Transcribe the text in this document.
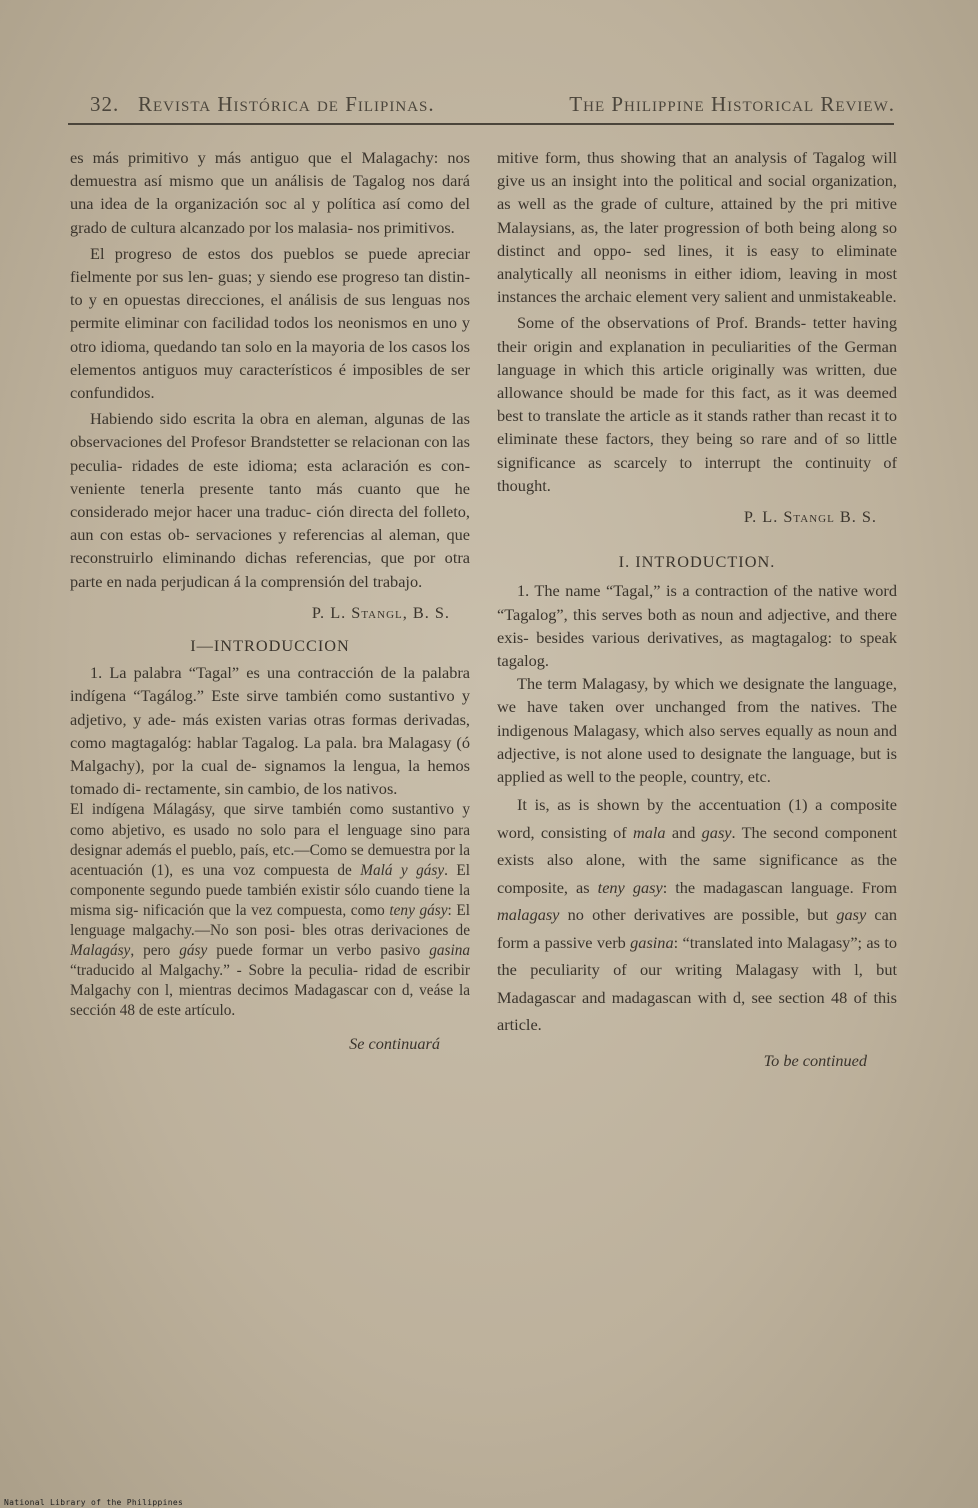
32. Revista Histórica de Filipinas.	The Philippine Historical Review.

es más primitivo y más antiguo que el Malagachy: nos demuestra así mismo que un análisis de Tagalog nos dará una idea de la organización soc al y política así como del grado de cultura alcanzado por los malasia- nos primitivos.

El progreso de estos dos pueblos se puede apreciar fielmente por sus len- guas; y siendo ese progreso tan distin- to y en opuestas direcciones, el análisis de sus lenguas nos permite eliminar con facilidad todos los neonismos en uno y otro idioma, quedando tan solo en la mayoria de los casos los elementos antiguos muy característicos é imposibles de ser confundidos.

Habiendo sido escrita la obra en aleman, algunas de las observaciones del Profesor Brandstetter se relacionan con las peculia- ridades de este idioma; esta aclaración es con- veniente tenerla presente tanto más cuanto que he considerado mejor hacer una traduc- ción directa del folleto, aun con estas ob- servaciones y referencias al aleman, que reconstruirlo eliminando dichas referencias, que por otra parte en nada perjudican á la comprensión del trabajo.

P. L. Stangl, B. S.
I—INTRODUCCION

1. La palabra “Tagal” es una contracción de la palabra indígena “Tagálog.” Este sirve también como sustantivo y adjetivo, y ade- más existen varias otras formas derivadas, como magtagalóg: hablar Tagalog. La pala. bra Malagasy (ó Malgachy), por la cual de- signamos la lengua, la hemos tomado di- rectamente, sin cambio, de los nativos.

El indígena Málagásy, que sirve también como sustantivo y como abjetivo, es usado no solo para el lenguage sino para designar además el pueblo, país, etc.—Como se demuestra por la acentuación (1), es una voz compuesta de Malá y gásy. El componente segundo puede también existir sólo cuando tiene la misma sig- nificación que la vez compuesta, como teny gásy: El lenguage malgachy.—No son posi- bles otras derivaciones de Malagásy, pero gásy puede formar un verbo pasivo gasina “traducido al Malgachy.” - Sobre la peculia- ridad de escribir Malgachy con l, mientras decimos Madagascar con d, veáse la sección 48 de este artículo.

Se continuará

mitive form, thus showing that an analysis of Tagalog will give us an insight into the political and social organization, as well as the grade of culture, attained by the pri mitive Malaysians, as, the later progression of both being along so distinct and oppo- sed lines, it is easy to eliminate analytically all neonisms in either idiom, leaving in most instances the archaic element very salient and unmistakeable.

Some of the observations of Prof. Brands- tetter having their origin and explanation in peculiarities of the German language in which this article originally was written, due allowance should be made for this fact, as it was deemed best to translate the article as it stands rather than recast it to eliminate these factors, they being so rare and of so little significance as scarcely to interrupt the continuity of thought.

P. L. Stangl B. S.
I. INTRODUCTION.

1. The name “Tagal,” is a contraction of the native word “Tagalog”, this serves both as noun and adjective, and there exis- besides various derivatives, as magtagalog: to speak tagalog.

The term Malagasy, by which we designate the language, we have taken over unchanged from the natives. The indigenous Malagasy, which also serves equally as noun and adjective, is not alone used to designate the language, but is applied as well to the people, country, etc.

It is, as is shown by the accentuation (1) a composite word, consisting of mala and gasy. The second component exists also alone, with the same significance as the composite, as teny gasy: the madagascan language. From malagasy no other derivatives are possible, but gasy can form a passive verb gasina: “translated into Malagasy”; as to the peculiarity of our writing Malagasy with l, but Madagascar and madagascan with d, see section 48 of this article.

To be continued
National Library of the Philippines
